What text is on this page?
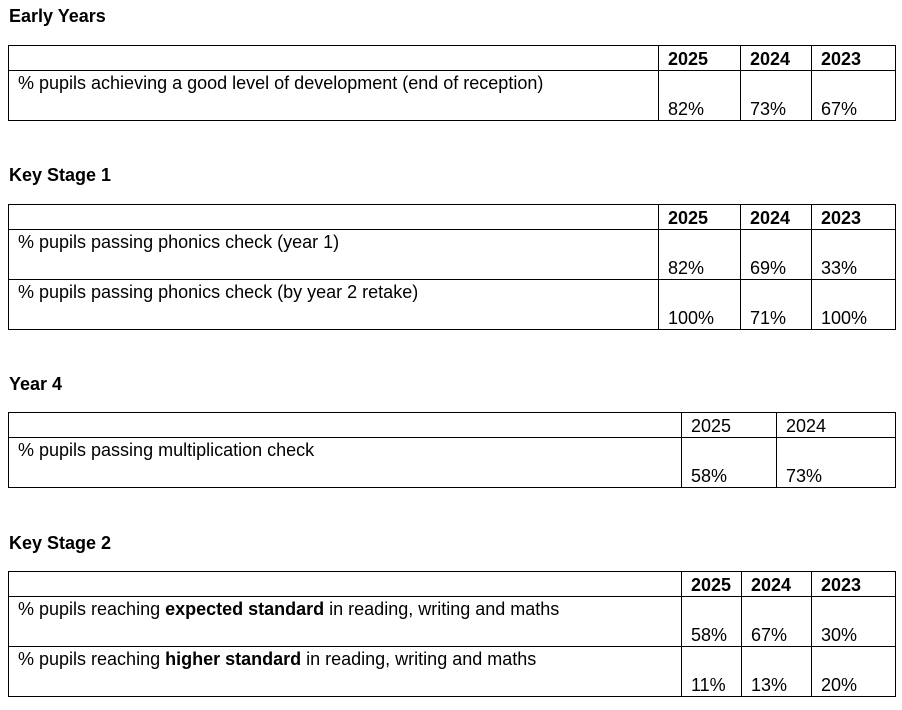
Early Years
	2025	2024	2023
% pupils achieving a good level of development (end of reception)	82%	73%	67%
Key Stage 1
	2025	2024	2023
% pupils passing phonics check (year 1)	82%	69%	33%
% pupils passing phonics check (by year 2 retake)	100%	71%	100%
Year 4
	2025	2024
% pupils passing multiplication check	58%	73%
Key Stage 2
	2025	2024	2023
% pupils reaching expected standard in reading, writing and maths	58%	67%	30%
% pupils reaching higher standard in reading, writing and maths	11%	13%	20%
